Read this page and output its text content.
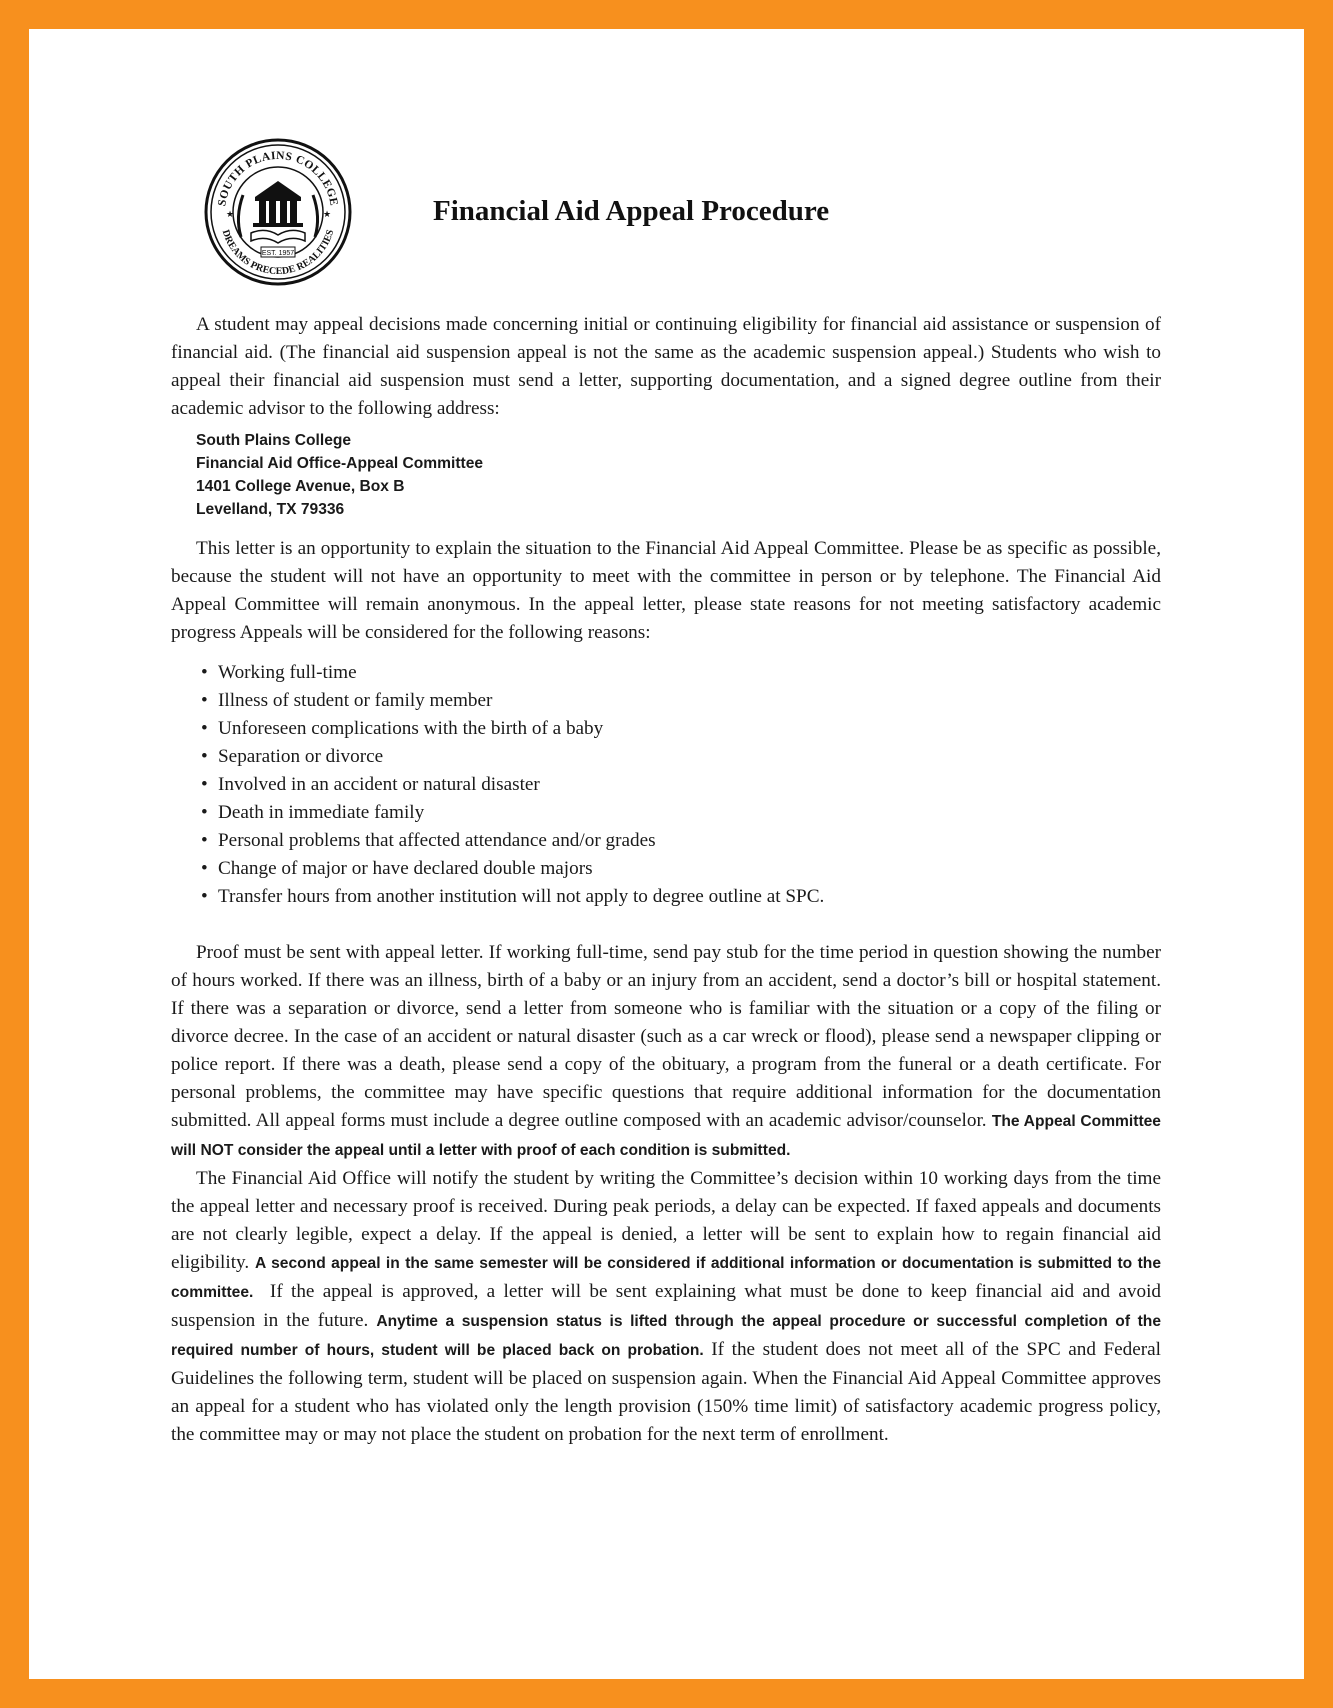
SOUTH PLAINS COLLEGE
DREAMS PRECEDE REALITIES
★	★
EST. 1957
Financial Aid Appeal Procedure

A student may appeal decisions made concerning initial or continuing eligibility for financial aid assistance or suspension of financial aid. (The financial aid suspension appeal is not the same as the academic suspension appeal.) Students who wish to appeal their financial aid suspension must send a letter, supporting documentation, and a signed degree outline from their academic advisor to the following address:

South Plains College
Financial Aid Office-Appeal Committee
1401 College Avenue, Box B
Levelland, TX 79336

This letter is an opportunity to explain the situation to the Financial Aid Appeal Committee. Please be as specific as possible, because the student will not have an opportunity to meet with the committee in person or by telephone. The Financial Aid Appeal Committee will remain anonymous. In the appeal letter, please state reasons for not meeting satisfactory academic progress Appeals will be considered for the following reasons:

• Working full-time
• Illness of student or family member
• Unforeseen complications with the birth of a baby
• Separation or divorce
• Involved in an accident or natural disaster
• Death in immediate family
• Personal problems that affected attendance and/or grades
• Change of major or have declared double majors
• Transfer hours from another institution will not apply to degree outline at SPC.

Proof must be sent with appeal letter. If working full-time, send pay stub for the time period in question showing the number of hours worked. If there was an illness, birth of a baby or an injury from an accident, send a doctor’s bill or hospital statement. If there was a separation or divorce, send a letter from someone who is familiar with the situation or a copy of the filing or divorce decree. In the case of an accident or natural disaster (such as a car wreck or flood), please send a newspaper clipping or police report. If there was a death, please send a copy of the obituary, a program from the funeral or a death certificate. For personal problems, the committee may have specific questions that require additional information for the documentation submitted. All appeal forms must include a degree outline composed with an academic advisor/counselor. The Appeal Committee will NOT consider the appeal until a letter with proof of each condition is submitted.

The Financial Aid Office will notify the student by writing the Committee’s decision within 10 working days from the time the appeal letter and necessary proof is received. During peak periods, a delay can be expected. If faxed appeals and documents are not clearly legible, expect a delay. If the appeal is denied, a letter will be sent to explain how to regain financial aid eligibility. A second appeal in the same semester will be considered if additional information or documentation is submitted to the committee.  If the appeal is approved, a letter will be sent explaining what must be done to keep financial aid and avoid suspension in the future. Anytime a suspension status is lifted through the appeal procedure or successful completion of the required number of hours, student will be placed back on probation. If the student does not meet all of the SPC and Federal Guidelines the following term, student will be placed on suspension again. When the Financial Aid Appeal Committee approves an appeal for a student who has violated only the length provision (150% time limit) of satisfactory academic progress policy, the committee may or may not place the student on probation for the next term of enrollment.
